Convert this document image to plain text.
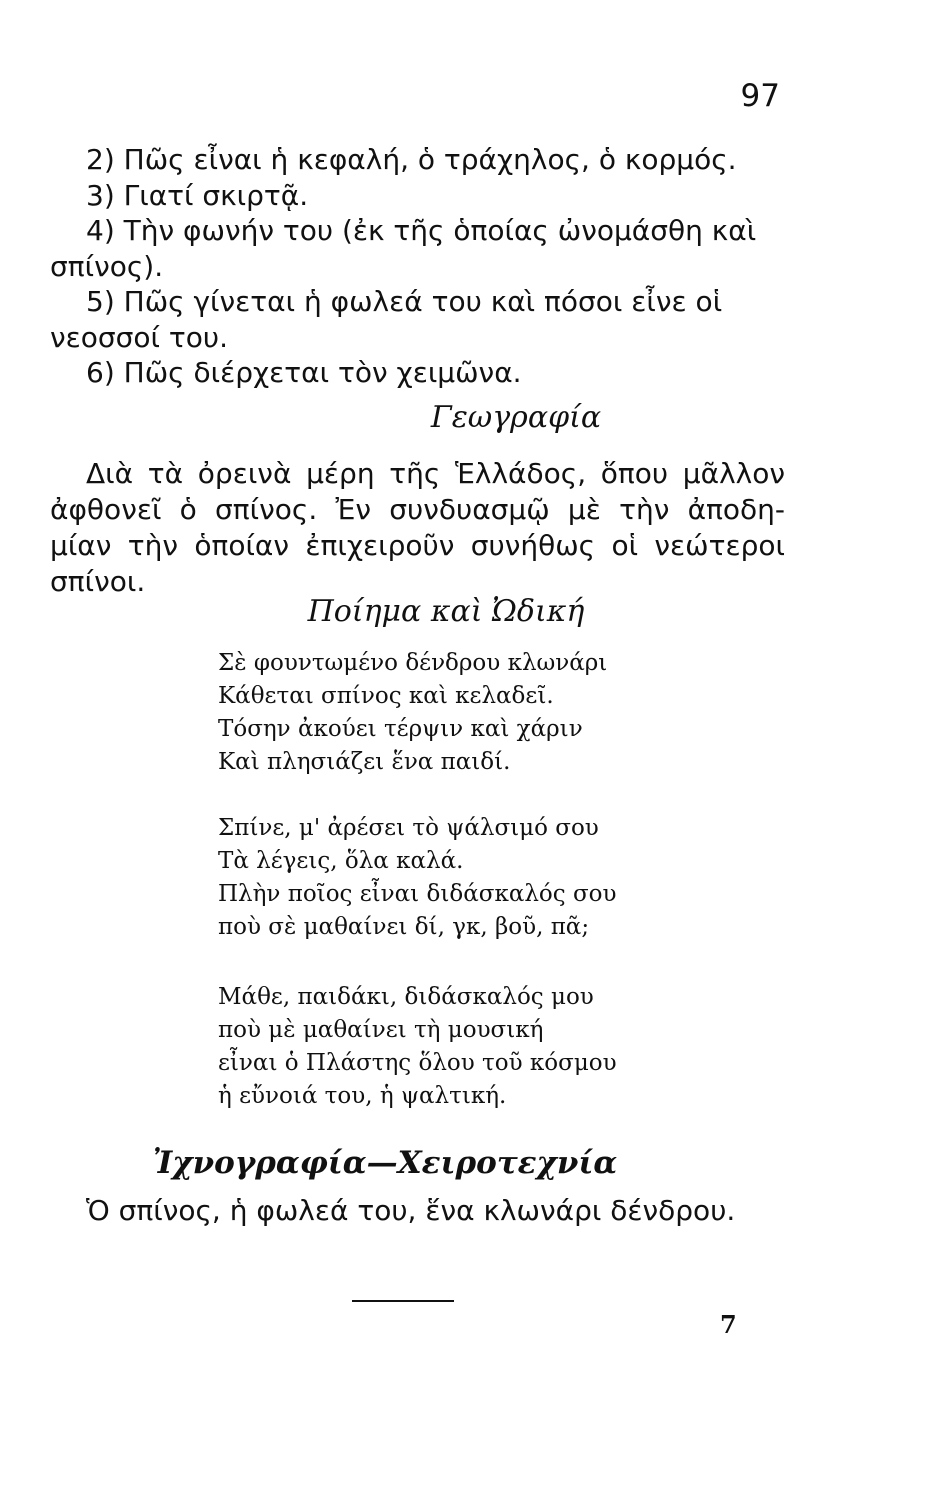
97
2) Πῶς εἶναι ἡ κεφαλή, ὁ τράχηλος, ὁ κορμός.
3) Γιατί σκιρτᾷ.
4) Τὴν φωνήν του (ἐκ τῆς ὁποίας ὠνομάσθη καὶ
σπίνος).
5) Πῶς γίνεται ἡ φωλεά του καὶ πόσοι εἶνε οἱ
νεοσσοί του.
6) Πῶς διέρχεται τὸν χειμῶνα.
Γεωγραφία
Διὰ τὰ ὀρεινὰ μέρη τῆς Ἑλλάδος, ὅπου μᾶλλον
ἀφθονεῖ ὁ σπίνος. Ἐν συνδυασμῷ μὲ τὴν ἀποδη-
μίαν τὴν ὁποίαν ἐπιχειροῦν συνήθως οἱ νεώτεροι
σπίνοι.
Ποίημα καὶ Ὠδική
Σὲ φουντωμένο δένδρου κλωνάρι
Κάθεται σπίνος καὶ κελαδεῖ.
Τόσην ἀκούει τέρψιν καὶ χάριν
Καὶ πλησιάζει ἕνα παιδί.
Σπίνε, μ' ἀρέσει τὸ ψάλσιμό σου
Τὰ λέγεις, ὅλα καλά.
Πλὴν ποῖος εἶναι διδάσκαλός σου
ποὺ σὲ μαθαίνει δί, γκ, βοῦ, πᾶ;
Μάθε, παιδάκι, διδάσκαλός μου
ποὺ μὲ μαθαίνει τὴ μουσική
εἶναι ὁ Πλάστης ὅλου τοῦ κόσμου
ἡ εὔνοιά του, ἡ ψαλτική.
Ἰχνογραφία—Χειροτεχνία
Ὁ σπίνος, ἡ φωλεά του, ἕνα κλωνάρι δένδρου.
7
